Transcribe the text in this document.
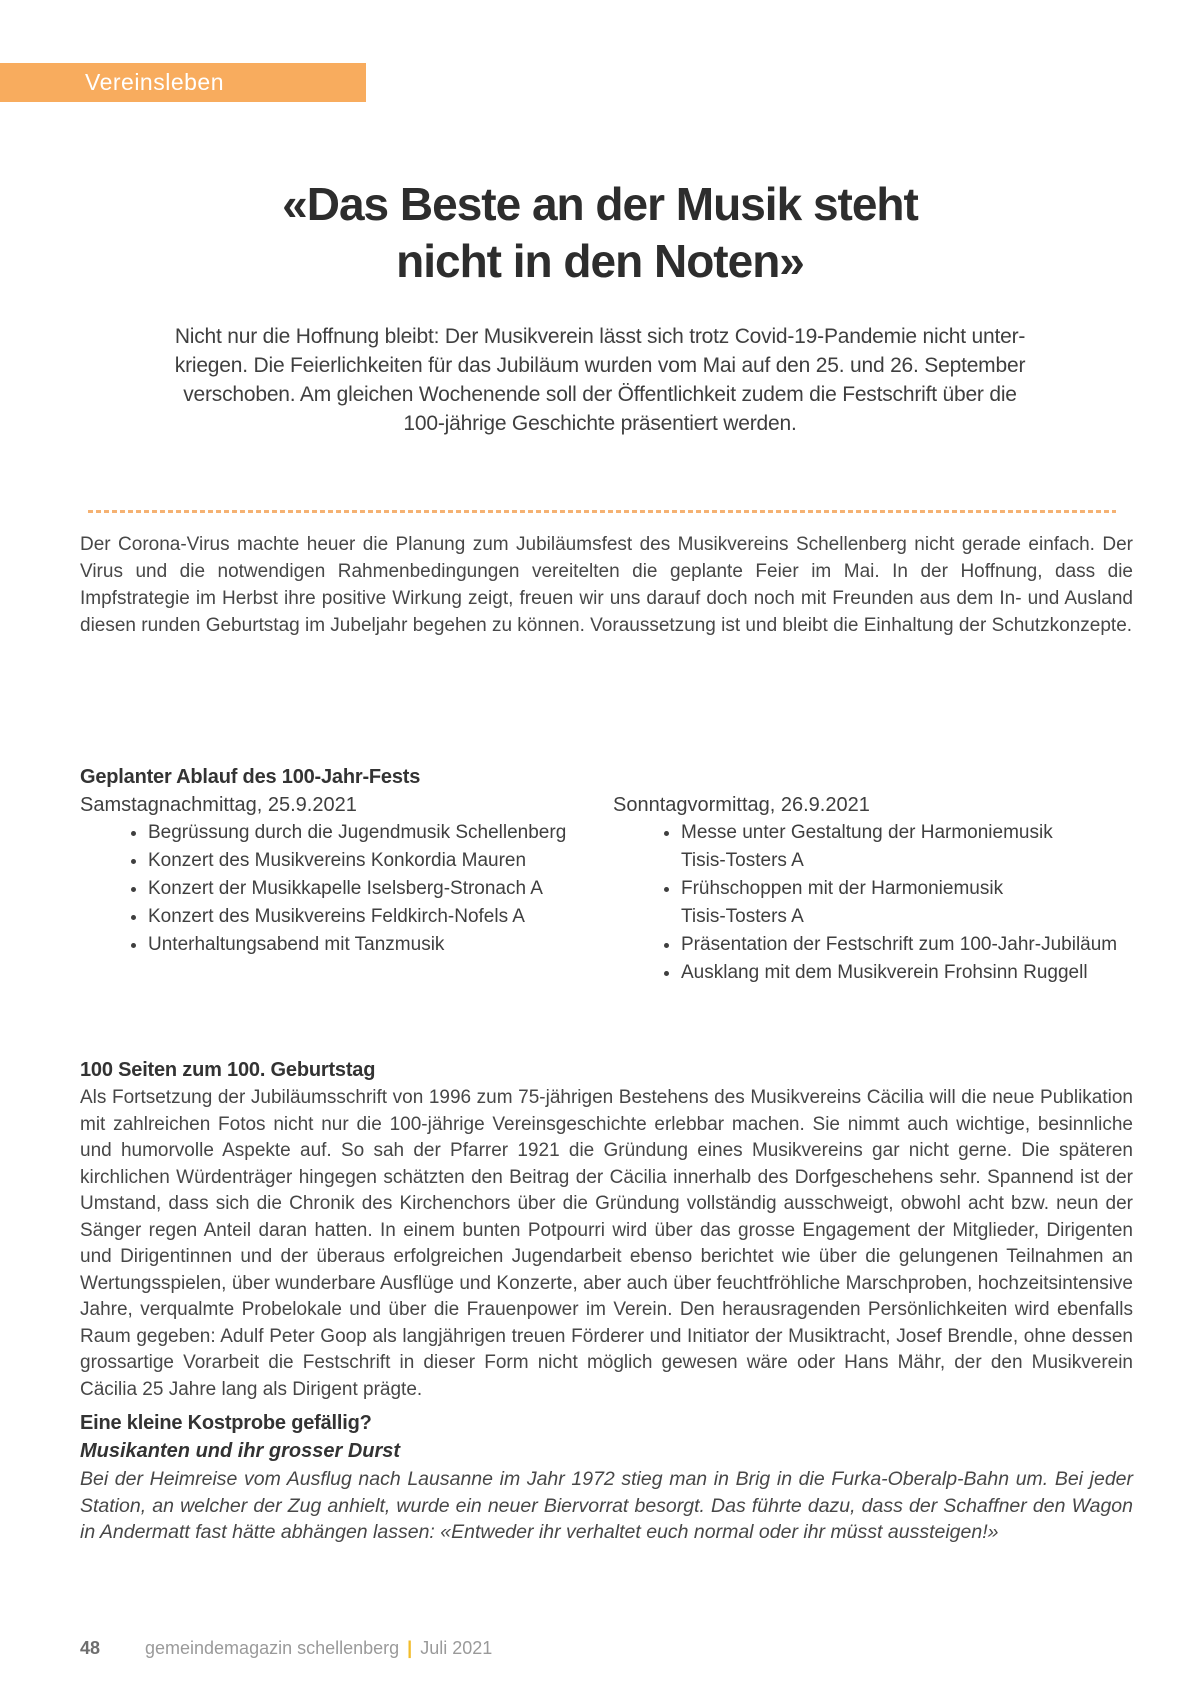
Vereinsleben
«Das Beste an der Musik steht
nicht in den Noten»
Nicht nur die Hoffnung bleibt: Der Musikverein lässt sich trotz Covid-19-Pandemie nicht unter-
kriegen. Die Feierlichkeiten für das Jubiläum wurden vom Mai auf den 25. und 26. September
verschoben. Am gleichen Wochenende soll der Öffentlichkeit zudem die Festschrift über die
100-jährige Geschichte präsentiert werden.

Der Corona-Virus machte heuer die Planung zum Jubiläumsfest des Musikvereins Schellenberg nicht gerade einfach. Der Virus und die notwendigen Rahmenbedingungen vereitelten die geplante Feier im Mai. In der Hoffnung, dass die Impfstrategie im Herbst ihre positive Wirkung zeigt, freuen wir uns darauf doch noch mit Freunden aus dem In- und Ausland diesen runden Geburtstag im Jubeljahr begehen zu können. Voraussetzung ist und bleibt die Einhaltung der Schutzkonzepte.

Geplanter Ablauf des 100-Jahr-Fests
Samstagnachmittag, 25.9.2021
• Begrüssung durch die Jugendmusik Schellenberg
• Konzert des Musikvereins Konkordia Mauren
• Konzert der Musikkapelle Iselsberg-Stronach A
• Konzert des Musikvereins Feldkirch-Nofels A
• Unterhaltungsabend mit Tanzmusik
Sonntagvormittag, 26.9.2021
• Messe unter Gestaltung der Harmoniemusik
Tisis-Tosters A
• Frühschoppen mit der Harmoniemusik
Tisis-Tosters A
• Präsentation der Festschrift zum 100-Jahr-Jubiläum
• Ausklang mit dem Musikverein Frohsinn Ruggell
100 Seiten zum 100. Geburtstag

Als Fortsetzung der Jubiläumsschrift von 1996 zum 75-jährigen Bestehens des Musikvereins Cäcilia will die neue Publikation mit zahlreichen Fotos nicht nur die 100-jährige Vereinsgeschichte erlebbar machen. Sie nimmt auch wichtige, besinnliche und humorvolle Aspekte auf. So sah der Pfarrer 1921 die Gründung eines Musikvereins gar nicht gerne. Die späteren kirchlichen Würdenträger hingegen schätzten den Beitrag der Cäcilia innerhalb des Dorfgeschehens sehr. Spannend ist der Umstand, dass sich die Chronik des Kirchenchors über die Gründung vollständig ausschweigt, obwohl acht bzw. neun der Sänger regen Anteil daran hatten. In einem bunten Potpourri wird über das grosse Engagement der Mitglieder, Dirigenten und Dirigentinnen und der überaus erfolgreichen Jugendarbeit ebenso berichtet wie über die gelungenen Teilnahmen an Wertungsspielen, über wunderbare Ausflüge und Konzerte, aber auch über feuchtfröhliche Marschproben, hochzeitsintensive Jahre, verqualmte Probelokale und über die Frauenpower im Verein. Den herausragenden Persönlichkeiten wird ebenfalls Raum gegeben: Adulf Peter Goop als langjährigen treuen Förderer und Initiator der Musiktracht, Josef Brendle, ohne dessen grossartige Vorarbeit die Festschrift in dieser Form nicht möglich gewesen wäre oder Hans Mähr, der den Musikverein Cäcilia 25 Jahre lang als Dirigent prägte.

Eine kleine Kostprobe gefällig?
Musikanten und ihr grosser Durst

Bei der Heimreise vom Ausflug nach Lausanne im Jahr 1972 stieg man in Brig in die Furka-Oberalp-Bahn um. Bei jeder Station, an welcher der Zug anhielt, wurde ein neuer Biervorrat besorgt. Das führte dazu, dass der Schaffner den Wagon in Andermatt fast hätte abhängen lassen: «Entweder ihr verhaltet euch normal oder ihr müsst aussteigen!»

48	gemeindemagazin schellenberg | Juli 2021
